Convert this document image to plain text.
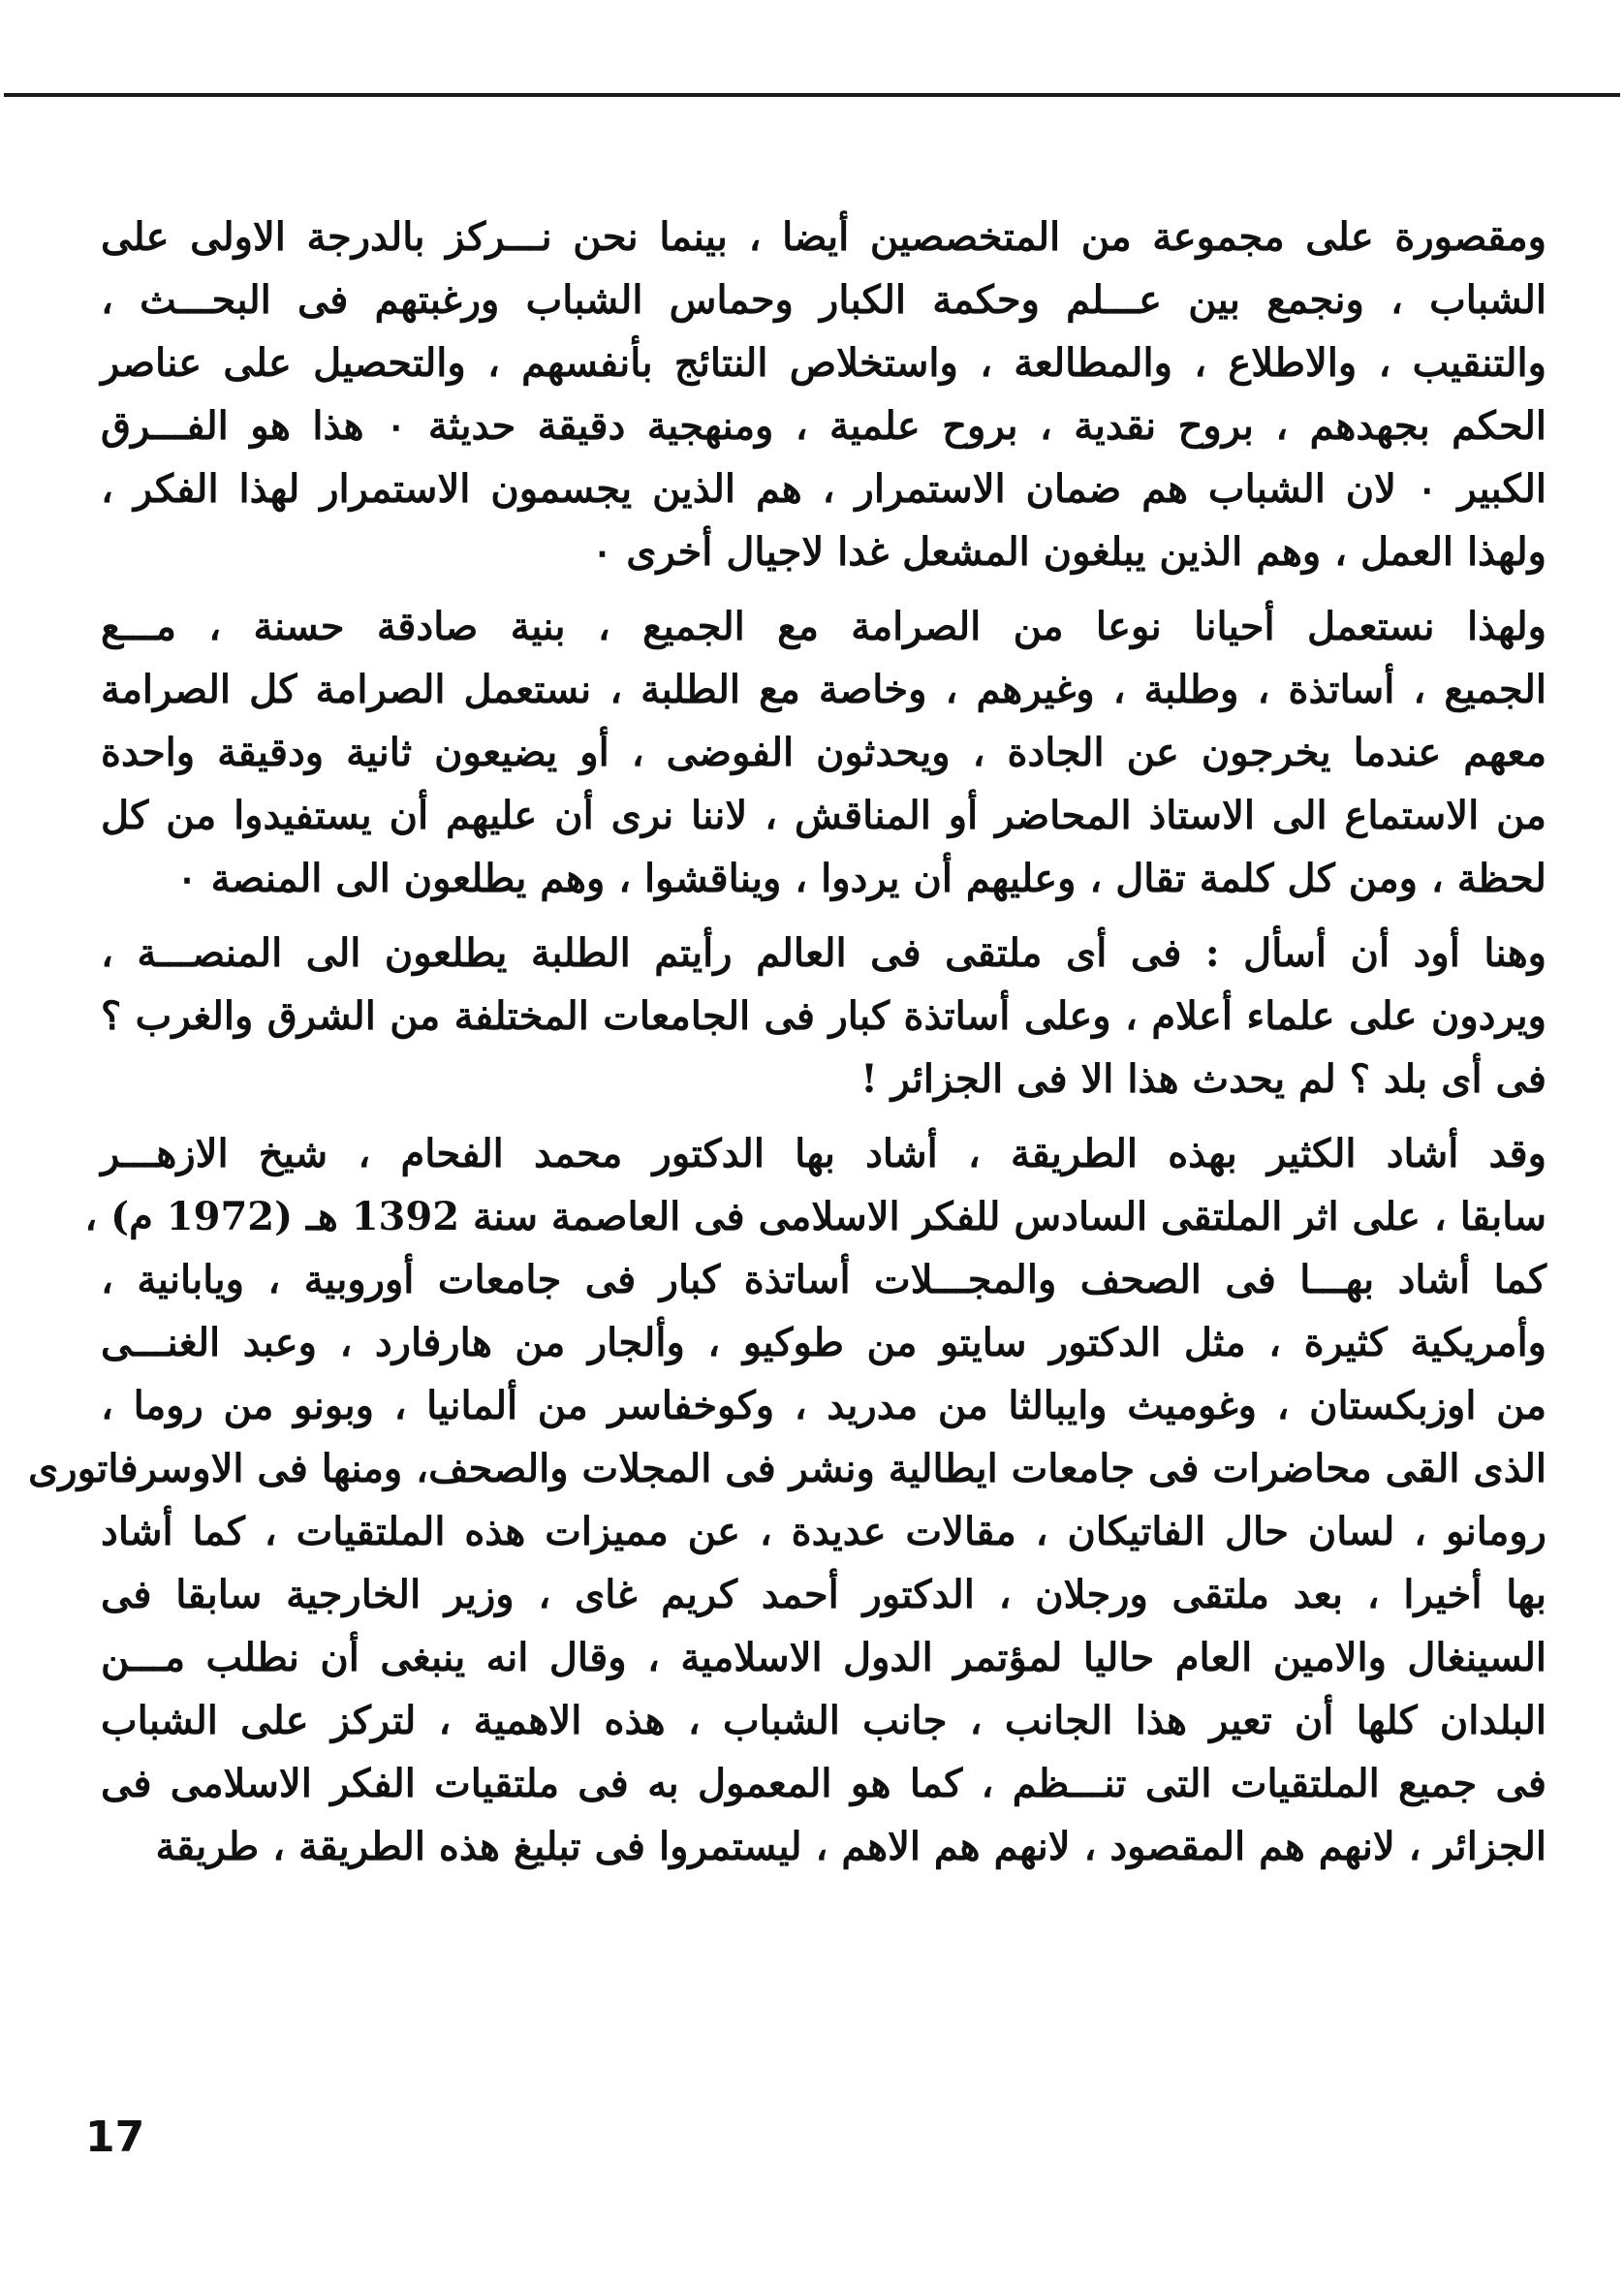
ومقصورة على مجموعة من المتخصصين أيضا ، بينما نحن نـــركز بالدرجة الاولى على
الشباب ، ونجمع بين عـــلم وحكمة الكبار وحماس الشباب ورغبتهم فى البحـــث ،
والتنقيب ، والاطلاع ، والمطالعة ، واستخلاص النتائج بأنفسهم ، والتحصيل على عناصر
الحكم بجهدهم ، بروح نقدية ، بروح علمية ، ومنهجية دقيقة حديثة ٠ هذا هو الفـــرق
الكبير ٠ لان الشباب هم ضمان الاستمرار ، هم الذين يجسمون الاستمرار لهذا الفكر ،
ولهذا العمل ، وهم الذين يبلغون المشعل غدا لاجيال أخرى ٠
ولهذا نستعمل أحيانا نوعا من الصرامة مع الجميع ، بنية صادقة حسنة ، مـــع
الجميع ، أساتذة ، وطلبة ، وغيرهم ، وخاصة مع الطلبة ، نستعمل الصرامة كل الصرامة
معهم عندما يخرجون عن الجادة ، ويحدثون الفوضى ، أو يضيعون ثانية ودقيقة واحدة
من الاستماع الى الاستاذ المحاضر أو المناقش ، لاننا نرى أن عليهم أن يستفيدوا من كل
لحظة ، ومن كل كلمة تقال ، وعليهم أن يردوا ، ويناقشوا ، وهم يطلعون الى المنصة ٠
وهنا أود أن أسأل : فى أى ملتقى فى العالم رأيتم الطلبة يطلعون الى المنصـــة ،
ويردون على علماء أعلام ، وعلى أساتذة كبار فى الجامعات المختلفة من الشرق والغرب ؟
فى أى بلد ؟ لم يحدث هذا الا فى الجزائر !
وقد أشاد الكثير بهذه الطريقة ، أشاد بها الدكتور محمد الفحام ، شيخ الازهـــر
سابقا ، على اثر الملتقى السادس للفكر الاسلامى فى العاصمة سنة 1392 هـ (1972 م) ،
كما أشاد بهـــا فى الصحف والمجـــلات أساتذة كبار فى جامعات أوروبية ، ويابانية ،
وأمريكية كثيرة ، مثل الدكتور سايتو من طوكيو ، وألجار من هارفارد ، وعبد الغنـــى
من اوزبكستان ، وغوميث وايبالثا من مدريد ، وكوخفاسر من ألمانيا ، وبونو من روما ،
الذى القى محاضرات فى جامعات ايطالية ونشر فى المجلات والصحف، ومنها فى الاوسرفاتورى
رومانو ، لسان حال الفاتيكان ، مقالات عديدة ، عن مميزات هذه الملتقيات ، كما أشاد
بها أخيرا ، بعد ملتقى ورجلان ، الدكتور أحمد كريم غاى ، وزير الخارجية سابقا فى
السينغال والامين العام حاليا لمؤتمر الدول الاسلامية ، وقال انه ينبغى أن نطلب مـــن
البلدان كلها أن تعير هذا الجانب ، جانب الشباب ، هذه الاهمية ، لتركز على الشباب
فى جميع الملتقيات التى تنـــظم ، كما هو المعمول به فى ملتقيات الفكر الاسلامى فى
الجزائر ، لانهم هم المقصود ، لانهم هم الاهم ، ليستمروا فى تبليغ هذه الطريقة ، طريقة
17
